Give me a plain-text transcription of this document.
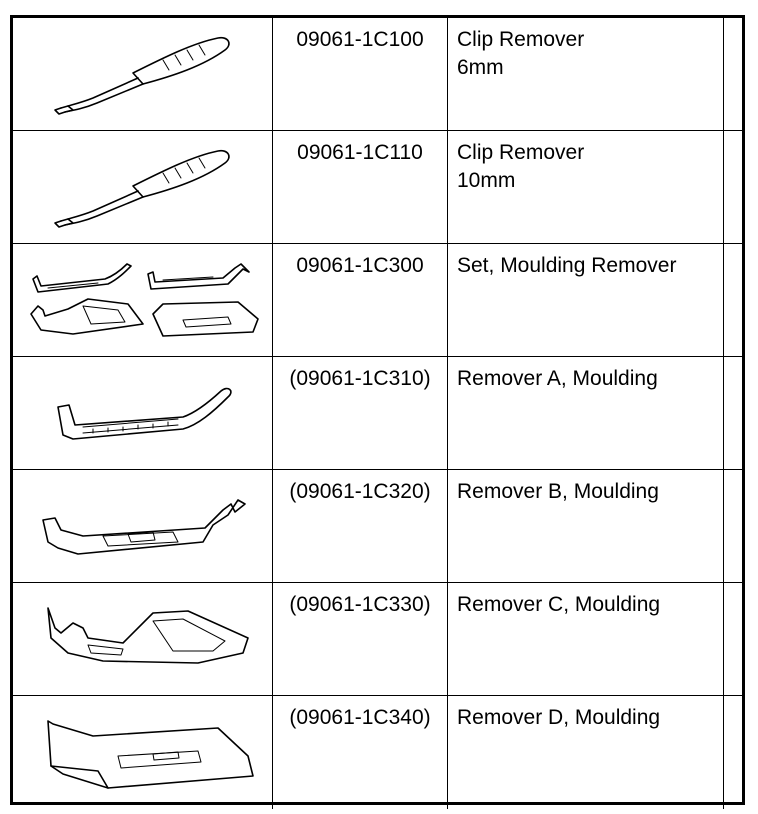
09061-1C100	Clip Remover
6mm
09061-1C110	Clip Remover
10mm
09061-1C300	Set, Moulding Remover
(09061-1C310)	Remover A, Moulding
(09061-1C320)	Remover B, Moulding
(09061-1C330)	Remover C, Moulding
(09061-1C340)	Remover D, Moulding
